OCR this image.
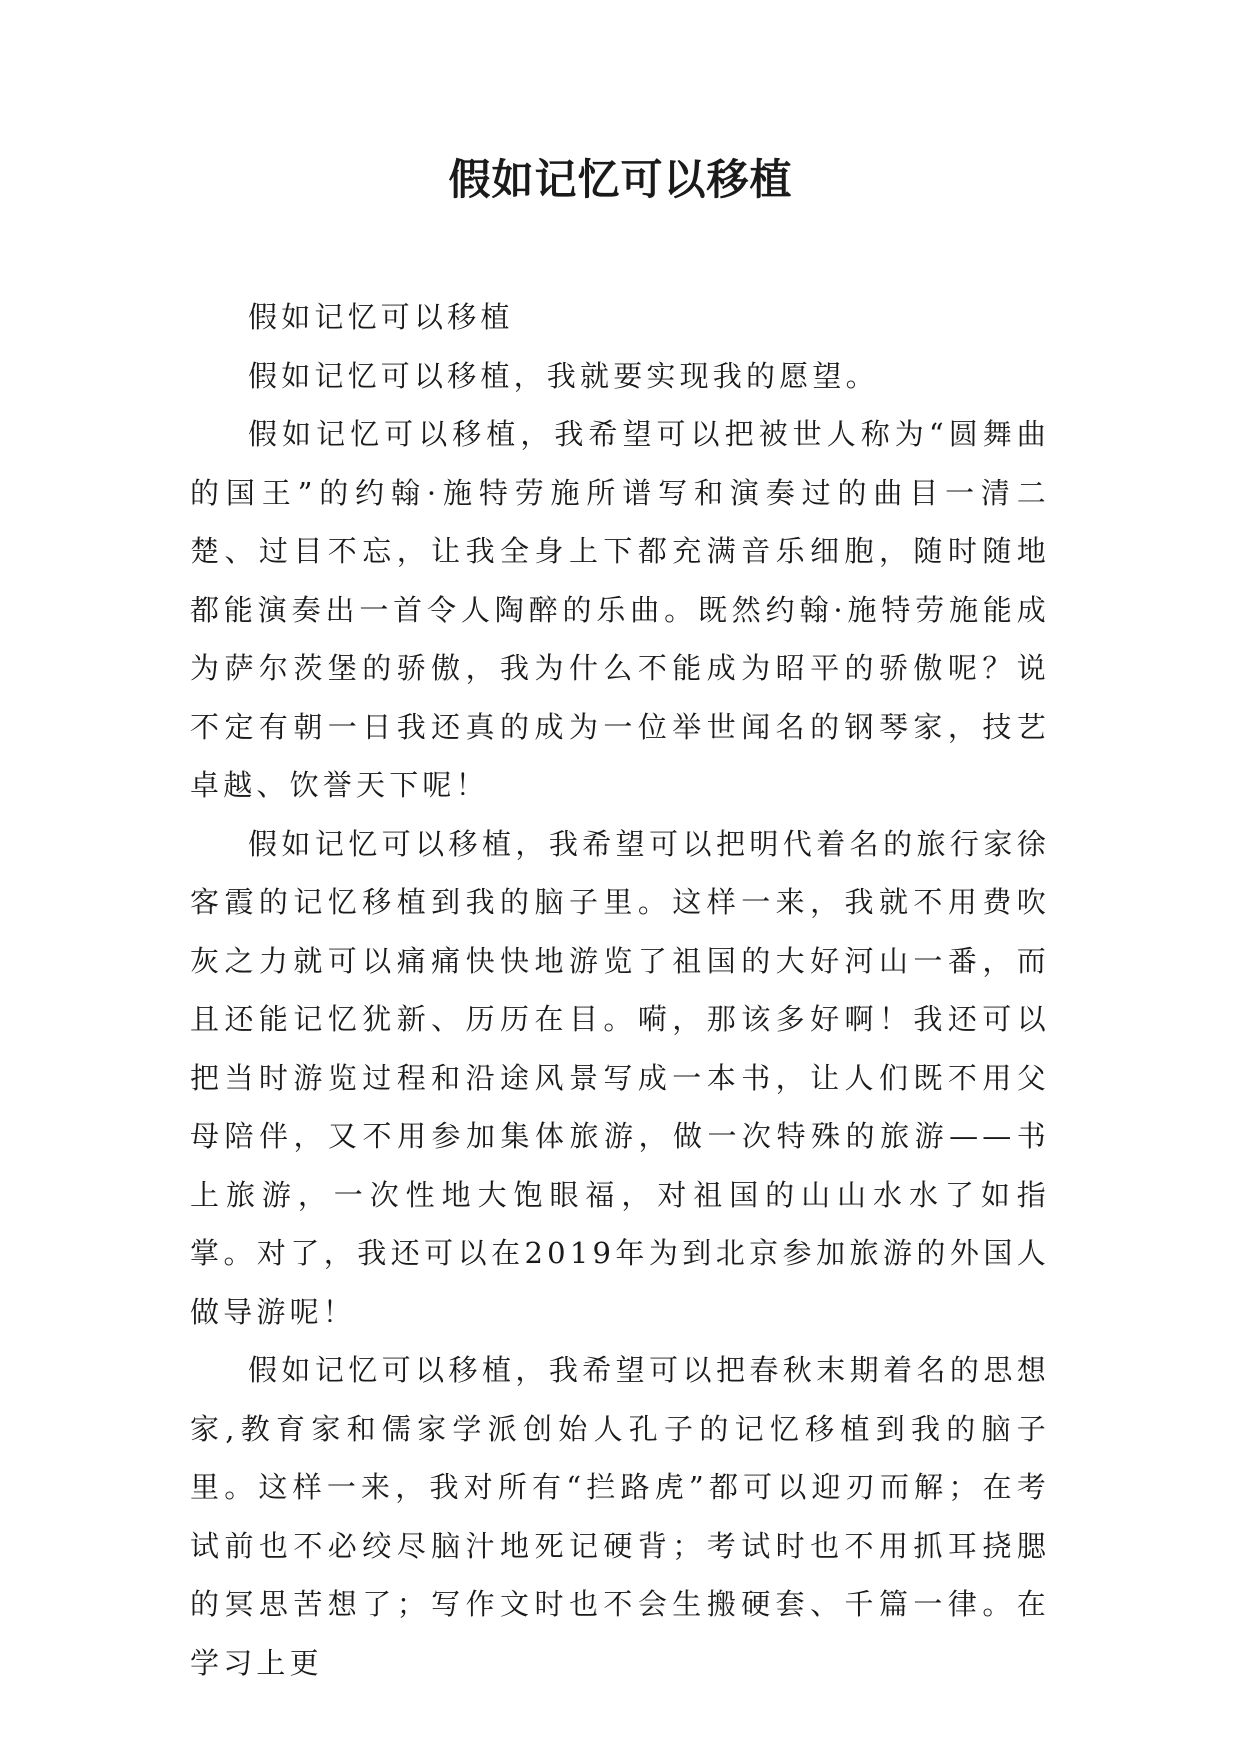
假如记忆可以移植

假如记忆可以移植

假如记忆可以移植，我就要实现我的愿望。

假如记忆可以移植，我希望可以把被世人称为“圆舞曲的国王”的约翰·施特劳施所谱写和演奏过的曲目一清二楚、过目不忘，让我全身上下都充满音乐细胞，随时随地都能演奏出一首令人陶醉的乐曲。既然约翰·施特劳施能成为萨尔茨堡的骄傲，我为什么不能成为昭平的骄傲呢？说不定有朝一日我还真的成为一位举世闻名的钢琴家，技艺卓越、饮誉天下呢！

假如记忆可以移植，我希望可以把明代着名的旅行家徐客霞的记忆移植到我的脑子里。这样一来，我就不用费吹灰之力就可以痛痛快快地游览了祖国的大好河山一番，而且还能记忆犹新、历历在目。嗬，那该多好啊！我还可以把当时游览过程和沿途风景写成一本书，让人们既不用父母陪伴，又不用参加集体旅游，做一次特殊的旅游——书上旅游，一次性地大饱眼福，对祖国的山山水水了如指掌。对了，我还可以在2019年为到北京参加旅游的外国人做导游呢！

假如记忆可以移植，我希望可以把春秋末期着名的思想家,教育家和儒家学派创始人孔子的记忆移植到我的脑子里。这样一来，我对所有“拦路虎”都可以迎刃而解；在考试前也不必绞尽脑汁地死记硬背；考试时也不用抓耳挠腮的冥思苦想了；写作文时也不会生搬硬套、千篇一律。在学习上更
